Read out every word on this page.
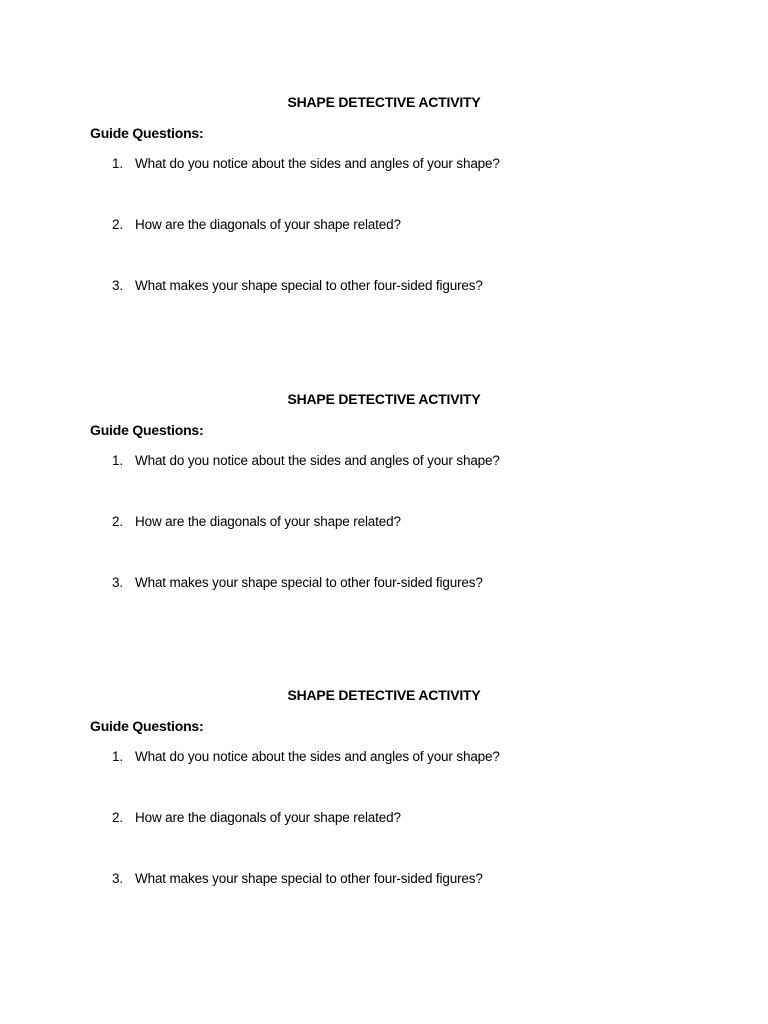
SHAPE DETECTIVE ACTIVITY
Guide Questions:
1. What do you notice about the sides and angles of your shape?
2. How are the diagonals of your shape related?
3. What makes your shape special to other four-sided figures?
SHAPE DETECTIVE ACTIVITY
Guide Questions:
1. What do you notice about the sides and angles of your shape?
2. How are the diagonals of your shape related?
3. What makes your shape special to other four-sided figures?
SHAPE DETECTIVE ACTIVITY
Guide Questions:
1. What do you notice about the sides and angles of your shape?
2. How are the diagonals of your shape related?
3. What makes your shape special to other four-sided figures?
